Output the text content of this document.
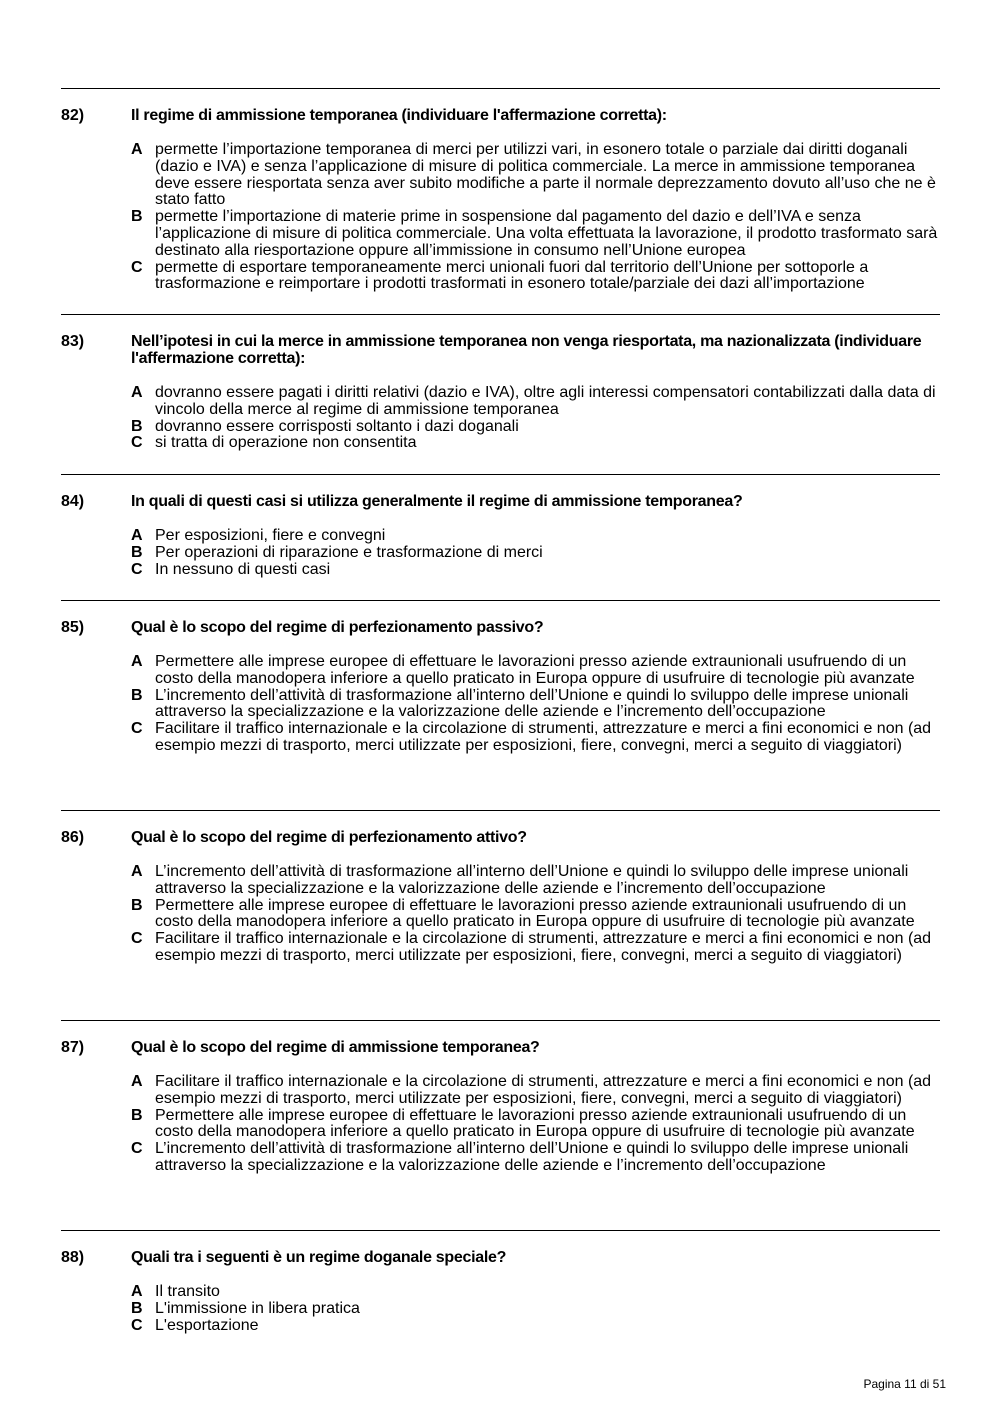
82)	Il regime di ammissione temporanea (individuare l'affermazione corretta):
A permette l’importazione temporanea di merci per utilizzi vari, in esonero totale o parziale dai diritti doganali (dazio e IVA) e senza l’applicazione di misure di politica commerciale. La merce in ammissione temporanea deve essere riesportata senza aver subito modifiche a parte il normale deprezzamento dovuto all’uso che ne è stato fatto
B permette l’importazione di materie prime in sospensione dal pagamento del dazio e dell’IVA e senza l’applicazione di misure di politica commerciale. Una volta effettuata la lavorazione, il prodotto trasformato sarà destinato alla riesportazione oppure all’immissione in consumo nell’Unione europea
C permette di esportare temporaneamente merci unionali fuori dal territorio dell’Unione per sottoporle a trasformazione e reimportare i prodotti trasformati in esonero totale/parziale dei dazi all’importazione
83)	Nell’ipotesi in cui la merce in ammissione temporanea non venga riesportata, ma nazionalizzata (individuare l'affermazione corretta):
A dovranno essere pagati i diritti relativi (dazio e IVA), oltre agli interessi compensatori contabilizzati dalla data di vincolo della merce al regime di ammissione temporanea
B dovranno essere corrisposti soltanto i dazi doganali
C si tratta di operazione non consentita
84)	In quali di questi casi si utilizza generalmente il regime di ammissione temporanea?
A Per esposizioni, fiere e convegni
B Per operazioni di riparazione e trasformazione di merci
C In nessuno di questi casi
85)	Qual è lo scopo del regime di perfezionamento passivo?
A Permettere alle imprese europee di effettuare le lavorazioni presso aziende extraunionali usufruendo di un costo della manodopera inferiore a quello praticato in Europa oppure di usufruire di tecnologie più avanzate
B L’incremento dell’attività di trasformazione all’interno dell’Unione e quindi lo sviluppo delle imprese unionali attraverso la specializzazione e la valorizzazione delle aziende e l’incremento dell’occupazione
C Facilitare il traffico internazionale e la circolazione di strumenti, attrezzature e merci a fini economici e non (ad esempio mezzi di trasporto, merci utilizzate per esposizioni, fiere, convegni, merci a seguito di viaggiatori)
86)	Qual è lo scopo del regime di perfezionamento attivo?
A L’incremento dell’attività di trasformazione all’interno dell’Unione e quindi lo sviluppo delle imprese unionali attraverso la specializzazione e la valorizzazione delle aziende e l’incremento dell’occupazione
B Permettere alle imprese europee di effettuare le lavorazioni presso aziende extraunionali usufruendo di un costo della manodopera inferiore a quello praticato in Europa oppure di usufruire di tecnologie più avanzate
C Facilitare il traffico internazionale e la circolazione di strumenti, attrezzature e merci a fini economici e non (ad esempio mezzi di trasporto, merci utilizzate per esposizioni, fiere, convegni, merci a seguito di viaggiatori)
87)	Qual è lo scopo del regime di ammissione temporanea?
A Facilitare il traffico internazionale e la circolazione di strumenti, attrezzature e merci a fini economici e non (ad esempio mezzi di trasporto, merci utilizzate per esposizioni, fiere, convegni, merci a seguito di viaggiatori)
B Permettere alle imprese europee di effettuare le lavorazioni presso aziende extraunionali usufruendo di un costo della manodopera inferiore a quello praticato in Europa oppure di usufruire di tecnologie più avanzate
C L’incremento dell’attività di trasformazione all’interno dell’Unione e quindi lo sviluppo delle imprese unionali attraverso la specializzazione e la valorizzazione delle aziende e l’incremento dell’occupazione
88)	Quali tra i seguenti è un regime doganale speciale?
A Il transito
B L'immissione in libera pratica
C L'esportazione
Pagina 11 di 51
